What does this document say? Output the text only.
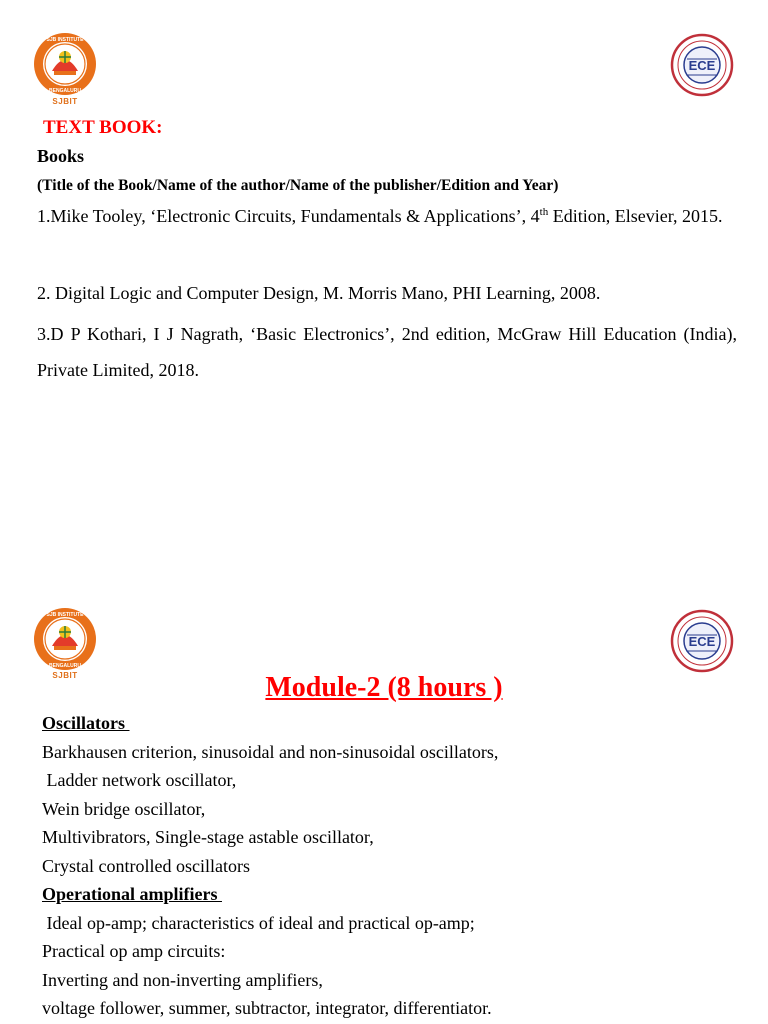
SJB INSTITUTE
BENGALURU
SJBIT
ECE
TEXT BOOK:
Books
(Title of the Book/Name of the author/Name of the publisher/Edition and Year)
1.Mike Tooley, ‘Electronic Circuits, Fundamentals & Applications’, 4th Edition, Elsevier, 2015.
2. Digital Logic and Computer Design, M. Morris Mano, PHI Learning, 2008.
3.D P Kothari, I J Nagrath, ‘Basic Electronics’, 2nd edition, McGraw Hill Education (India), Private Limited, 2018.
SJB INSTITUTE
BENGALURU
SJBIT
ECE
Module-2 (8 hours )
Oscillators
Barkhausen criterion, sinusoidal and non-sinusoidal oscillators,
Ladder network oscillator,
Wein bridge oscillator,
Multivibrators, Single-stage astable oscillator,
Crystal controlled oscillators
Operational amplifiers
Ideal op-amp; characteristics of ideal and practical op-amp;
Practical op amp circuits:
Inverting and non-inverting amplifiers,
voltage follower, summer, subtractor, integrator, differentiator.
